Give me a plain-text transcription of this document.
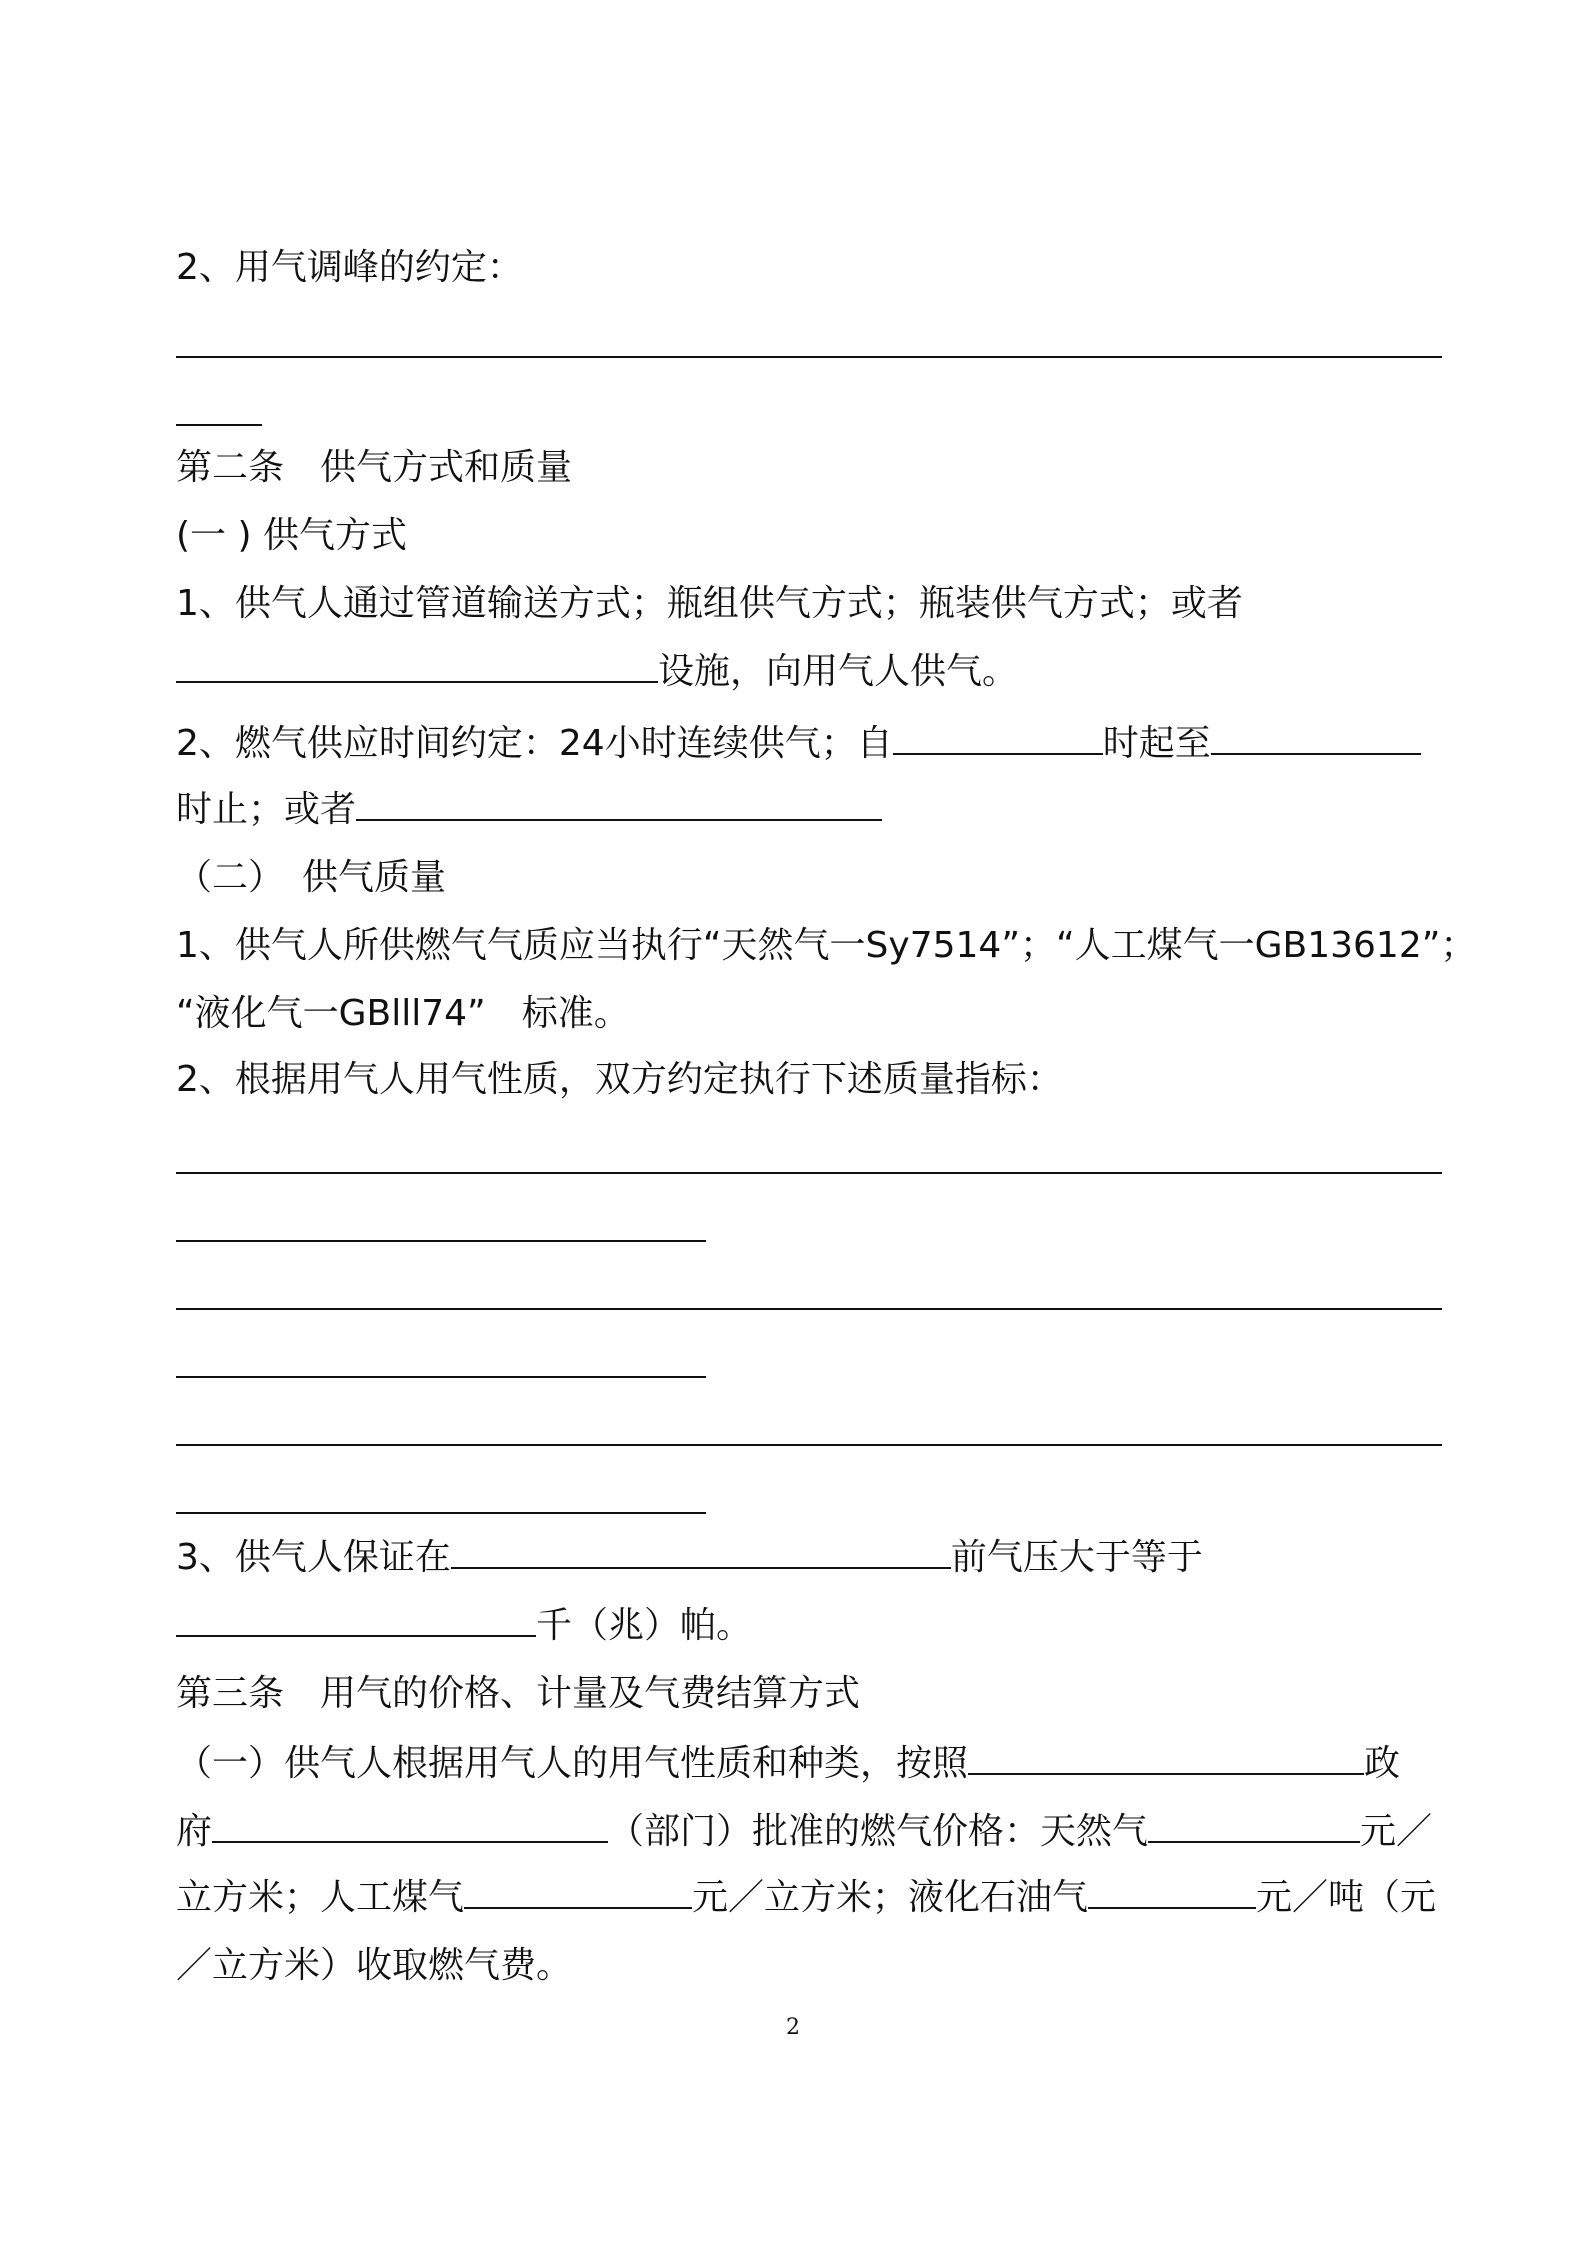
2、用气调峰的约定：
第二条　供气方式和质量
(一 ) 供气方式
1、供气人通过管道输送方式；瓶组供气方式；瓶装供气方式；或者
设施，向用气人供气。
2、燃气供应时间约定：24小时连续供气；自	时起至
时止；或者
（二）　供气质量
1、供气人所供燃气气质应当执行“天然气一Sy7514”；“人工煤气一GB13612”；
“液化气一GBlll74”　标准。
2、根据用气人用气性质，双方约定执行下述质量指标：
3、供气人保证在	前气压大于等于
千（兆）帕。
第三条　用气的价格、计量及气费结算方式
（一）供气人根据用气人的用气性质和种类，按照	政
府	（部门）批准的燃气价格：天然气	元／
立方米；人工煤气	元／立方米；液化石油气	元／吨（元
／立方米）收取燃气费。
2
